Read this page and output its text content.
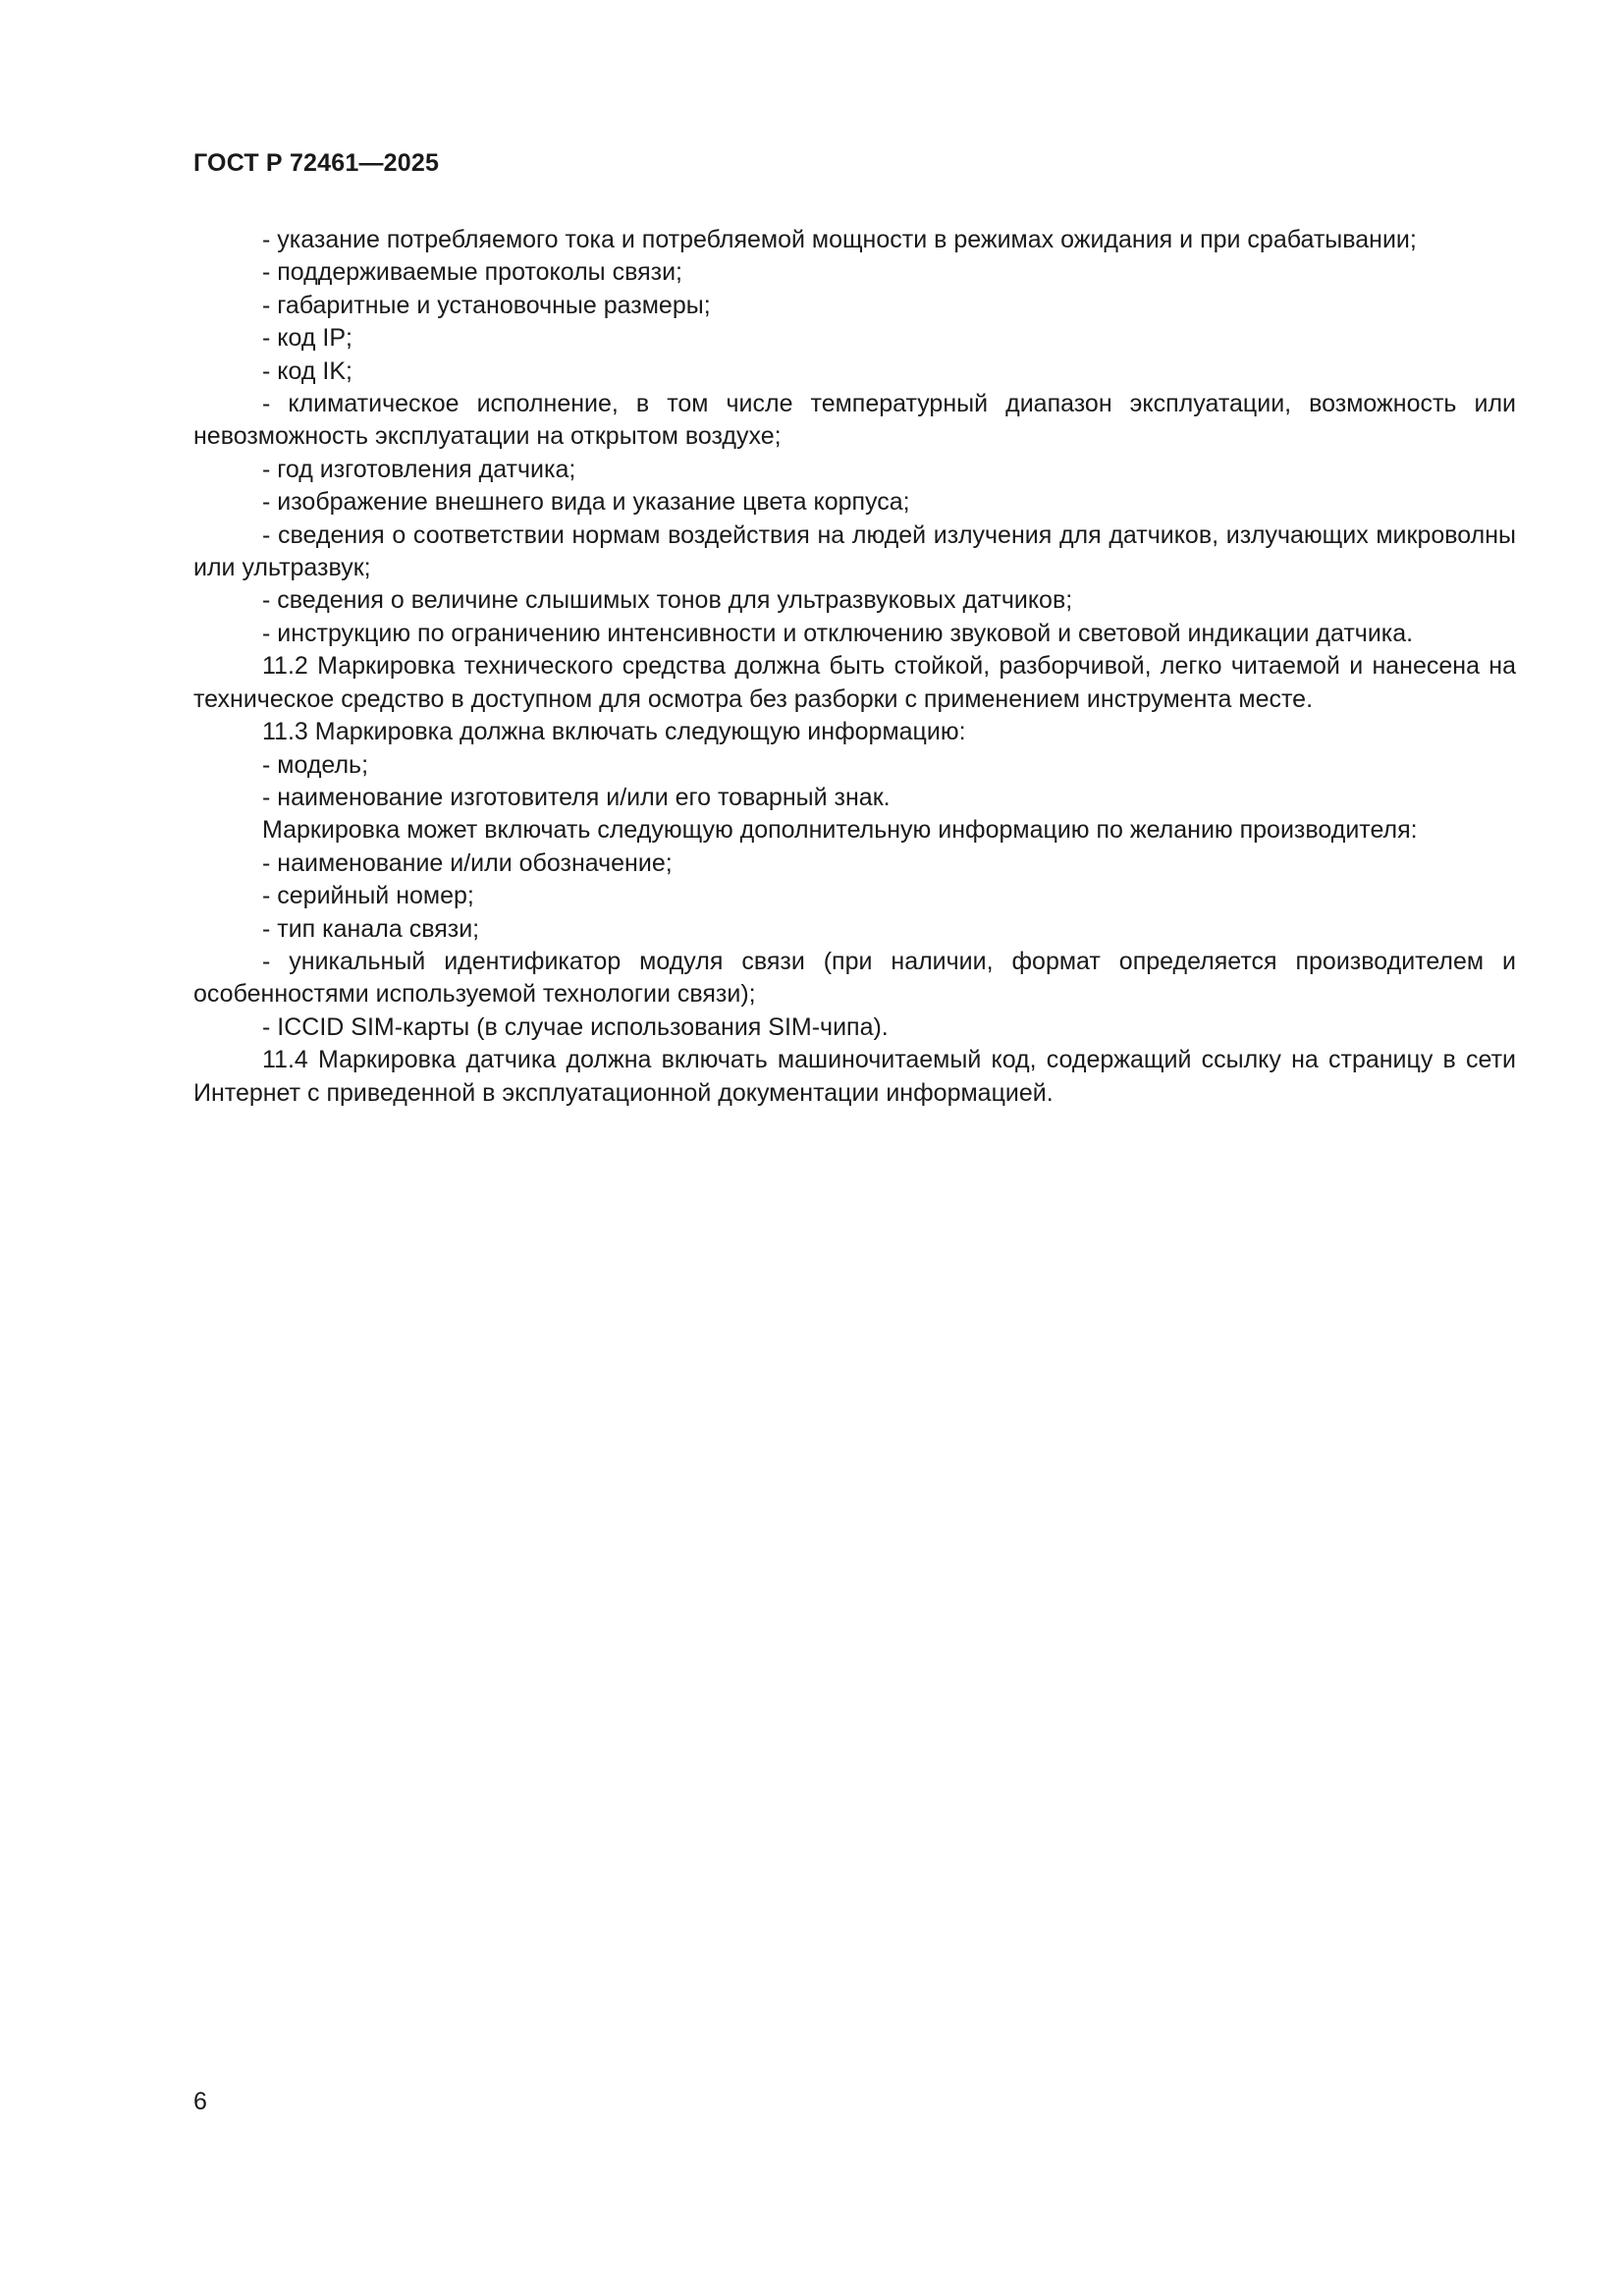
ГОСТ Р 72461—2025

- указание потребляемого тока и потребляемой мощности в режимах ожидания и при срабатывании;

- поддерживаемые протоколы связи;

- габаритные и установочные размеры;

- код IP;

- код IK;

- климатическое исполнение, в том числе температурный диапазон эксплуатации, возможность или невозможность эксплуатации на открытом воздухе;

- год изготовления датчика;

- изображение внешнего вида и указание цвета корпуса;

- сведения о соответствии нормам воздействия на людей излучения для датчиков, излучающих микроволны или ультразвук;

- сведения о величине слышимых тонов для ультразвуковых датчиков;

- инструкцию по ограничению интенсивности и отключению звуковой и световой индикации датчика.

11.2 Маркировка технического средства должна быть стойкой, разборчивой, легко читаемой и нанесена на техническое средство в доступном для осмотра без разборки с применением инструмента месте.

11.3 Маркировка должна включать следующую информацию:

- модель;

- наименование изготовителя и/или его товарный знак.

Маркировка может включать следующую дополнительную информацию по желанию производителя:

- наименование и/или обозначение;

- серийный номер;

- тип канала связи;

- уникальный идентификатор модуля связи (при наличии, формат определяется производителем и особенностями используемой технологии связи);

- ICCID SIM-карты (в случае использования SIM-чипа).

11.4 Маркировка датчика должна включать машиночитаемый код, содержащий ссылку на страницу в сети Интернет с приведенной в эксплуатационной документации информацией.

6
